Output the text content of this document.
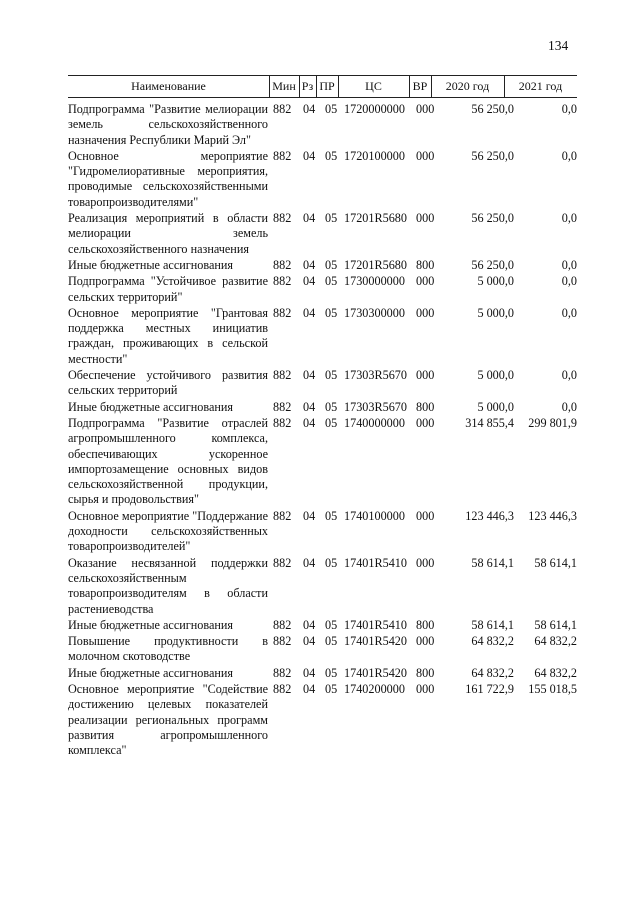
134
Наименование	Мин Рз ПР	ЦС	ВР	2020 год	2021 год
Подпрограмма "Развитие мелиорации земель сельскохозяйственного назначения Республики Марий Эл"
882 04 05 1720000000 000	56 250,0	0,0
Основное мероприятие "Гидромелиоративные мероприятия, проводимые сельскохозяйственными товаропроизводителями"
882 04 05 1720100000 000	56 250,0	0,0
Реализация мероприятий в области мелиорации земель сельскохозяйственного назначения
882 04 05 17201R5680 000	56 250,0	0,0
Иные бюджетные ассигнования	882 04 05 17201R5680 800	56 250,0	0,0
Подпрограмма "Устойчивое развитие сельских территорий"
882 04 05 1730000000 000	5 000,0	0,0
Основное мероприятие "Грантовая поддержка местных инициатив граждан, проживающих в сельской местности"
882 04 05 1730300000 000	5 000,0	0,0
Обеспечение устойчивого развития сельских территорий
882 04 05 17303R5670 000	5 000,0	0,0
Иные бюджетные ассигнования	882 04 05 17303R5670 800	5 000,0	0,0
Подпрограмма "Развитие отраслей агропромышленного комплекса, обеспечивающих ускоренное импортозамещение основных видов сельскохозяйственной продукции, сырья и продовольствия"
882 04 05 1740000000 000	314 855,4	299 801,9
Основное мероприятие "Поддержание доходности сельскохозяйственных товаропроизводителей"
882 04 05 1740100000 000	123 446,3	123 446,3
Оказание несвязанной поддержки сельскохозяйственным товаропроизводителям в области растениеводства
882 04 05 17401R5410 000	58 614,1	58 614,1
Иные бюджетные ассигнования	882 04 05 17401R5410 800	58 614,1	58 614,1
Повышение продуктивности в молочном скотоводстве
882 04 05 17401R5420 000	64 832,2	64 832,2
Иные бюджетные ассигнования	882 04 05 17401R5420 800	64 832,2	64 832,2
Основное мероприятие "Содействие достижению целевых показателей реализации региональных программ развития агропромышленного комплекса"
882 04 05 1740200000 000	161 722,9	155 018,5
